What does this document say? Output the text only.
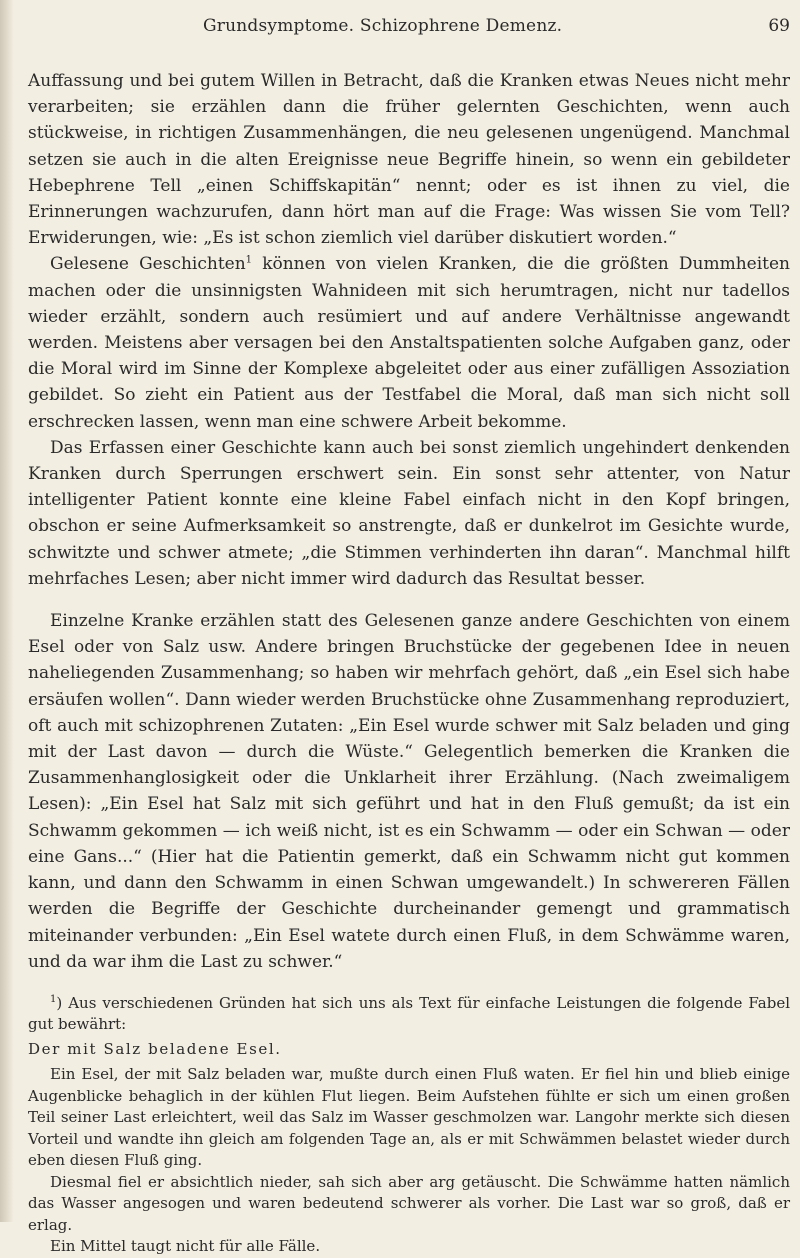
Grundsymptome. Schizophrene Demenz.	69

Auffassung und bei gutem Willen in Betracht, daß die Kranken etwas Neues nicht mehr verarbeiten; sie erzählen dann die früher gelernten Geschichten, wenn auch stückweise, in richtigen Zusammenhängen, die neu gelesenen ungenügend. Manchmal setzen sie auch in die alten Ereignisse neue Begriffe hinein, so wenn ein gebildeter Hebephrene Tell „einen Schiffskapitän“ nennt; oder es ist ihnen zu viel, die Erinnerungen wachzurufen, dann hört man auf die Frage: Was wissen Sie vom Tell? Erwiderungen, wie: „Es ist schon ziemlich viel darüber diskutiert worden.“

Gelesene Geschichten$^1$ können von vielen Kranken, die die größten Dummheiten machen oder die unsinnigsten Wahnideen mit sich herumtragen, nicht nur tadellos wieder erzählt, sondern auch resümiert und auf andere Verhältnisse angewandt werden. Meistens aber versagen bei den Anstaltspatienten solche Aufgaben ganz, oder die Moral wird im Sinne der Komplexe abgeleitet oder aus einer zufälligen Assoziation gebildet. So zieht ein Patient aus der Testfabel die Moral, daß man sich nicht soll erschrecken lassen, wenn man eine schwere Arbeit bekomme.

Das Erfassen einer Geschichte kann auch bei sonst ziemlich ungehindert denkenden Kranken durch Sperrungen erschwert sein. Ein sonst sehr attenter, von Natur intelligenter Patient konnte eine kleine Fabel einfach nicht in den Kopf bringen, obschon er seine Aufmerksamkeit so anstrengte, daß er dunkelrot im Gesichte wurde, schwitzte und schwer atmete; „die Stimmen verhinderten ihn daran“. Manchmal hilft mehrfaches Lesen; aber nicht immer wird dadurch das Resultat besser.

Einzelne Kranke erzählen statt des Gelesenen ganze andere Geschichten von einem Esel oder von Salz usw. Andere bringen Bruchstücke der gegebenen Idee in neuen naheliegenden Zusammenhang; so haben wir mehrfach gehört, daß „ein Esel sich habe ersäufen wollen“. Dann wieder werden Bruchstücke ohne Zusammenhang reproduziert, oft auch mit schizophrenen Zutaten: „Ein Esel wurde schwer mit Salz beladen und ging mit der Last davon — durch die Wüste.“ Gelegentlich bemerken die Kranken die Zusammenhanglosigkeit oder die Unklarheit ihrer Erzählung. (Nach zweimaligem Lesen): „Ein Esel hat Salz mit sich geführt und hat in den Fluß gemußt; da ist ein Schwamm gekommen — ich weiß nicht, ist es ein Schwamm — oder ein Schwan — oder eine Gans...“ (Hier hat die Patientin gemerkt, daß ein Schwamm nicht gut kommen kann, und dann den Schwamm in einen Schwan umgewandelt.) In schwereren Fällen werden die Begriffe der Geschichte durcheinander gemengt und grammatisch miteinander verbunden: „Ein Esel watete durch einen Fluß, in dem Schwämme waren, und da war ihm die Last zu schwer.“

$^1$) Aus verschiedenen Gründen hat sich uns als Text für einfache Leistungen die folgende Fabel gut bewährt:

Der mit Salz beladene Esel.

Ein Esel, der mit Salz beladen war, mußte durch einen Fluß waten. Er fiel hin und blieb einige Augenblicke behaglich in der kühlen Flut liegen. Beim Aufstehen fühlte er sich um einen großen Teil seiner Last erleichtert, weil das Salz im Wasser geschmolzen war. Langohr merkte sich diesen Vorteil und wandte ihn gleich am folgenden Tage an, als er mit Schwämmen belastet wieder durch eben diesen Fluß ging.

Diesmal fiel er absichtlich nieder, sah sich aber arg getäuscht. Die Schwämme hatten nämlich das Wasser angesogen und waren bedeutend schwerer als vorher. Die Last war so groß, daß er erlag.

Ein Mittel taugt nicht für alle Fälle.
